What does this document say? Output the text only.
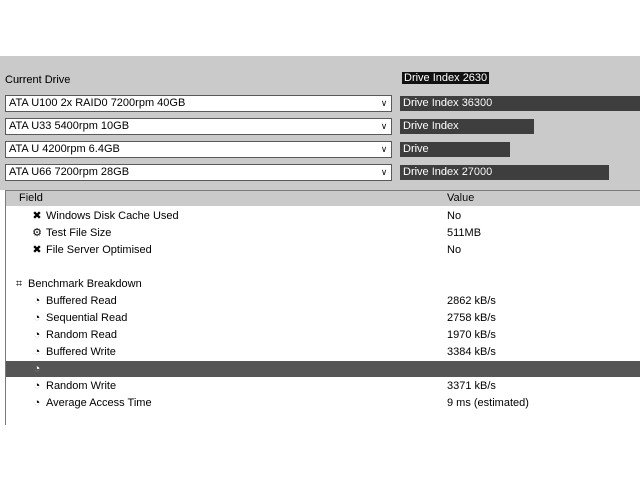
Current Drive	Drive Index 2630
ATA U100 2x RAID0 7200rpm 40GB	∨	Drive Index 36300
ATA U33 5400rpm 10GB	∨	Drive Index
ATA U 4200rpm 6.4GB	∨	Drive
ATA U66 7200rpm 28GB	∨	Drive Index 27000
Field	Value
✖ Windows Disk Cache Used	No
⚙ Test File Size	511MB
✖ File Server Optimised	No
⌗ Benchmark Breakdown
◔ Buffered Read	2862 kB/s
◔ Sequential Read	2758 kB/s
◔ Random Read	1970 kB/s
◔ Buffered Write	3384 kB/s
◔
◔ Random Write	3371 kB/s
◔ Average Access Time	9 ms (estimated)
